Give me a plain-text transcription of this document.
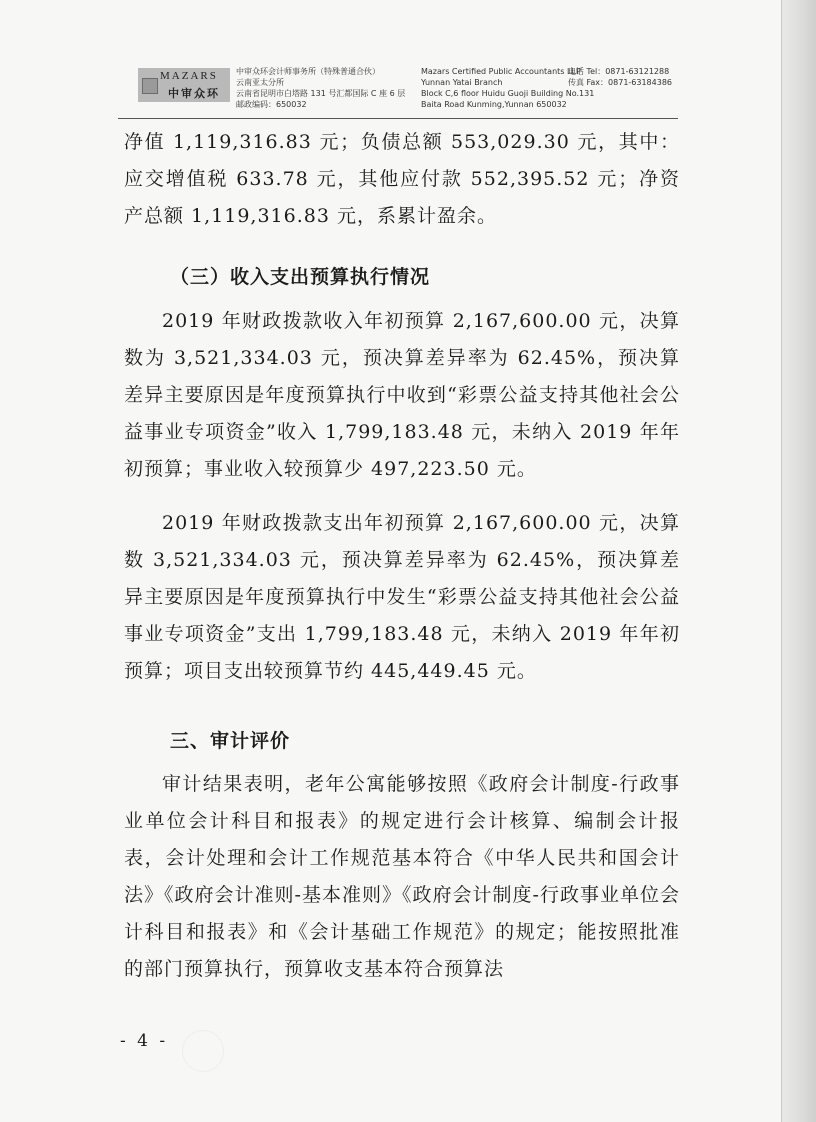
MAZARS
中审众环
中审众环会计师事务所（特殊普通合伙）
云南亚太分所
云南省昆明市白塔路 131 号汇都国际 C 座 6 层
邮政编码：650032
Mazars Certified Public Accountants LLP
Yunnan Yatai Branch
Block C,6 floor Huidu Guoji Building No.131
Baita Road Kunming,Yunnan 650032
电话 Tel：0871-63121288
传真 Fax：0871-63184386

净值 1,119,316.83 元；负债总额 553,029.30 元，其中：应交增值税 633.78 元，其他应付款 552,395.52 元；净资产总额 1,119,316.83 元，系累计盈余。

（三）收入支出预算执行情况

2019 年财政拨款收入年初预算 2,167,600.00 元，决算数为 3,521,334.03 元，预决算差异率为 62.45%，预决算差异主要原因是年度预算执行中收到“彩票公益支持其他社会公益事业专项资金”收入 1,799,183.48 元，未纳入 2019 年年初预算；事业收入较预算少 497,223.50 元。

2019 年财政拨款支出年初预算 2,167,600.00 元，决算数 3,521,334.03 元，预决算差异率为 62.45%，预决算差异主要原因是年度预算执行中发生“彩票公益支持其他社会公益事业专项资金”支出 1,799,183.48 元，未纳入 2019 年年初预算；项目支出较预算节约 445,449.45 元。

三、审计评价

审计结果表明，老年公寓能够按照《政府会计制度-行政事业单位会计科目和报表》的规定进行会计核算、编制会计报表，会计处理和会计工作规范基本符合《中华人民共和国会计法》《政府会计准则-基本准则》《政府会计制度-行政事业单位会计科目和报表》和《会计基础工作规范》的规定；能按照批准的部门预算执行，预算收支基本符合预算法

- 4 -
